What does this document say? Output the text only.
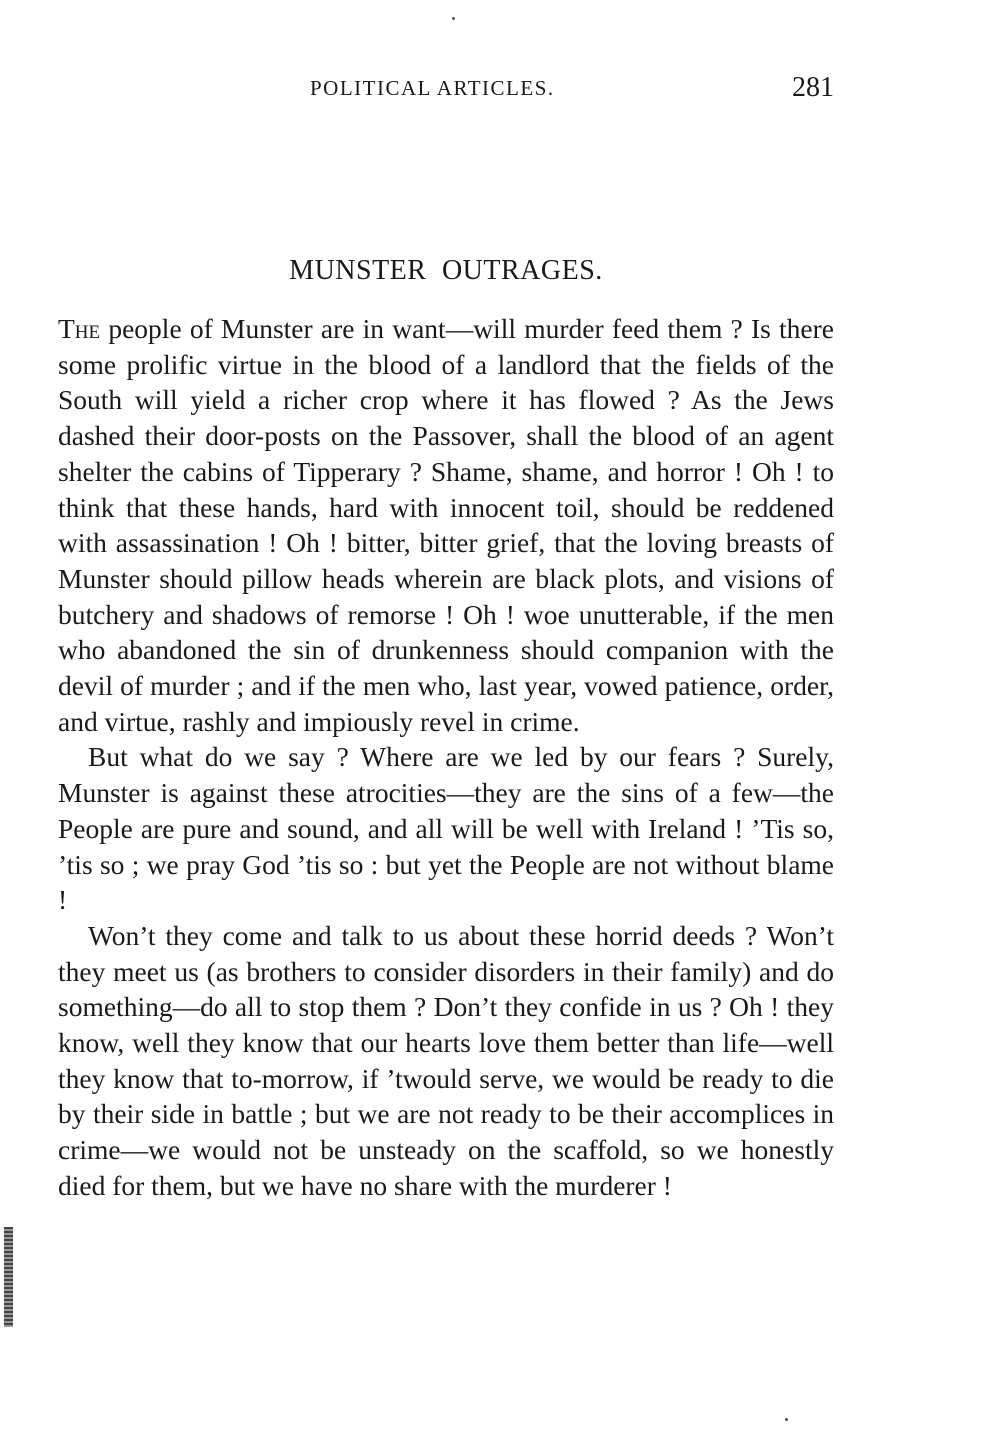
POLITICAL ARTICLES.	281
MUNSTER OUTRAGES.

The people of Munster are in want—will murder feed them ? Is there some prolific virtue in the blood of a landlord that the fields of the South will yield a richer crop where it has flowed ? As the Jews dashed their door-posts on the Passover, shall the blood of an agent shelter the cabins of Tipperary ? Shame, shame, and horror ! Oh ! to think that these hands, hard with innocent toil, should be reddened with assassination ! Oh ! bitter, bitter grief, that the loving breasts of Munster should pillow heads wherein are black plots, and visions of butchery and shadows of remorse ! Oh ! woe unutterable, if the men who abandoned the sin of drunkenness should companion with the devil of murder ; and if the men who, last year, vowed patience, order, and virtue, rashly and impiously revel in crime.

But what do we say ? Where are we led by our fears ? Surely, Munster is against these atrocities—they are the sins of a few—the People are pure and sound, and all will be well with Ireland ! ’Tis so, ’tis so ; we pray God ’tis so : but yet the People are not without blame !

Won’t they come and talk to us about these horrid deeds ? Won’t they meet us (as brothers to consider disorders in their family) and do something—do all to stop them ? Don’t they confide in us ? Oh ! they know, well they know that our hearts love them better than life—well they know that to-morrow, if ’twould serve, we would be ready to die by their side in battle ; but we are not ready to be their accomplices in crime—we would not be unsteady on the scaffold, so we honestly died for them, but we have no share with the murderer !
